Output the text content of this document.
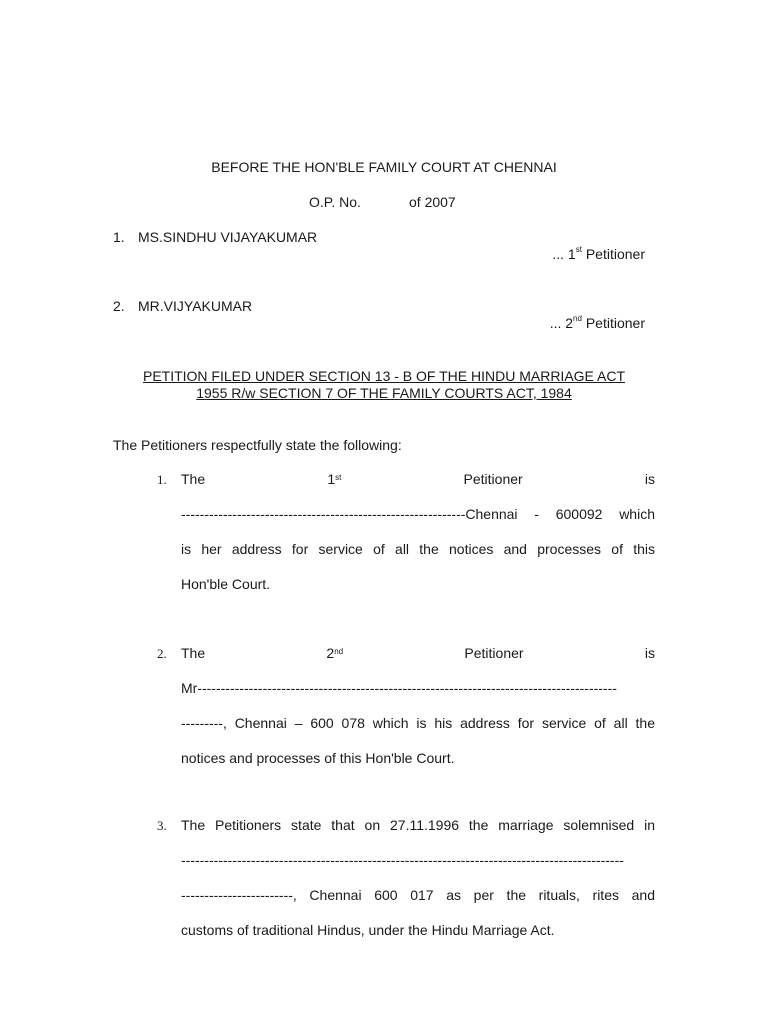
BEFORE THE HON'BLE FAMILY COURT AT CHENNAI
O.P. No.	of 2007
1. MS.SINDHU VIJAYAKUMAR
... 1st Petitioner
2. MR.VIJYAKUMAR
... 2nd Petitioner
PETITION FILED UNDER SECTION 13 - B OF THE HINDU MARRIAGE ACT
1955 R/w SECTION 7 OF THE FAMILY COURTS ACT, 1984
The Petitioners respectfully state the following:
1. The	1st	Petitioner	is
-------------------------------------------------------------Chennai - 600092 which
is her address for service of all the notices and processes of this
Hon'ble Court.
2. The	2nd	Petitioner	is
Mr------------------------------------------------------------------------------------------
---------, Chennai – 600 078 which is his address for service of all the
notices and processes of this Hon'ble Court.
3. The Petitioners state that on 27.11.1996 the marriage solemnised in
-----------------------------------------------------------------------------------------------
------------------------, Chennai 600 017 as per the rituals, rites and
customs of traditional Hindus, under the Hindu Marriage Act.
